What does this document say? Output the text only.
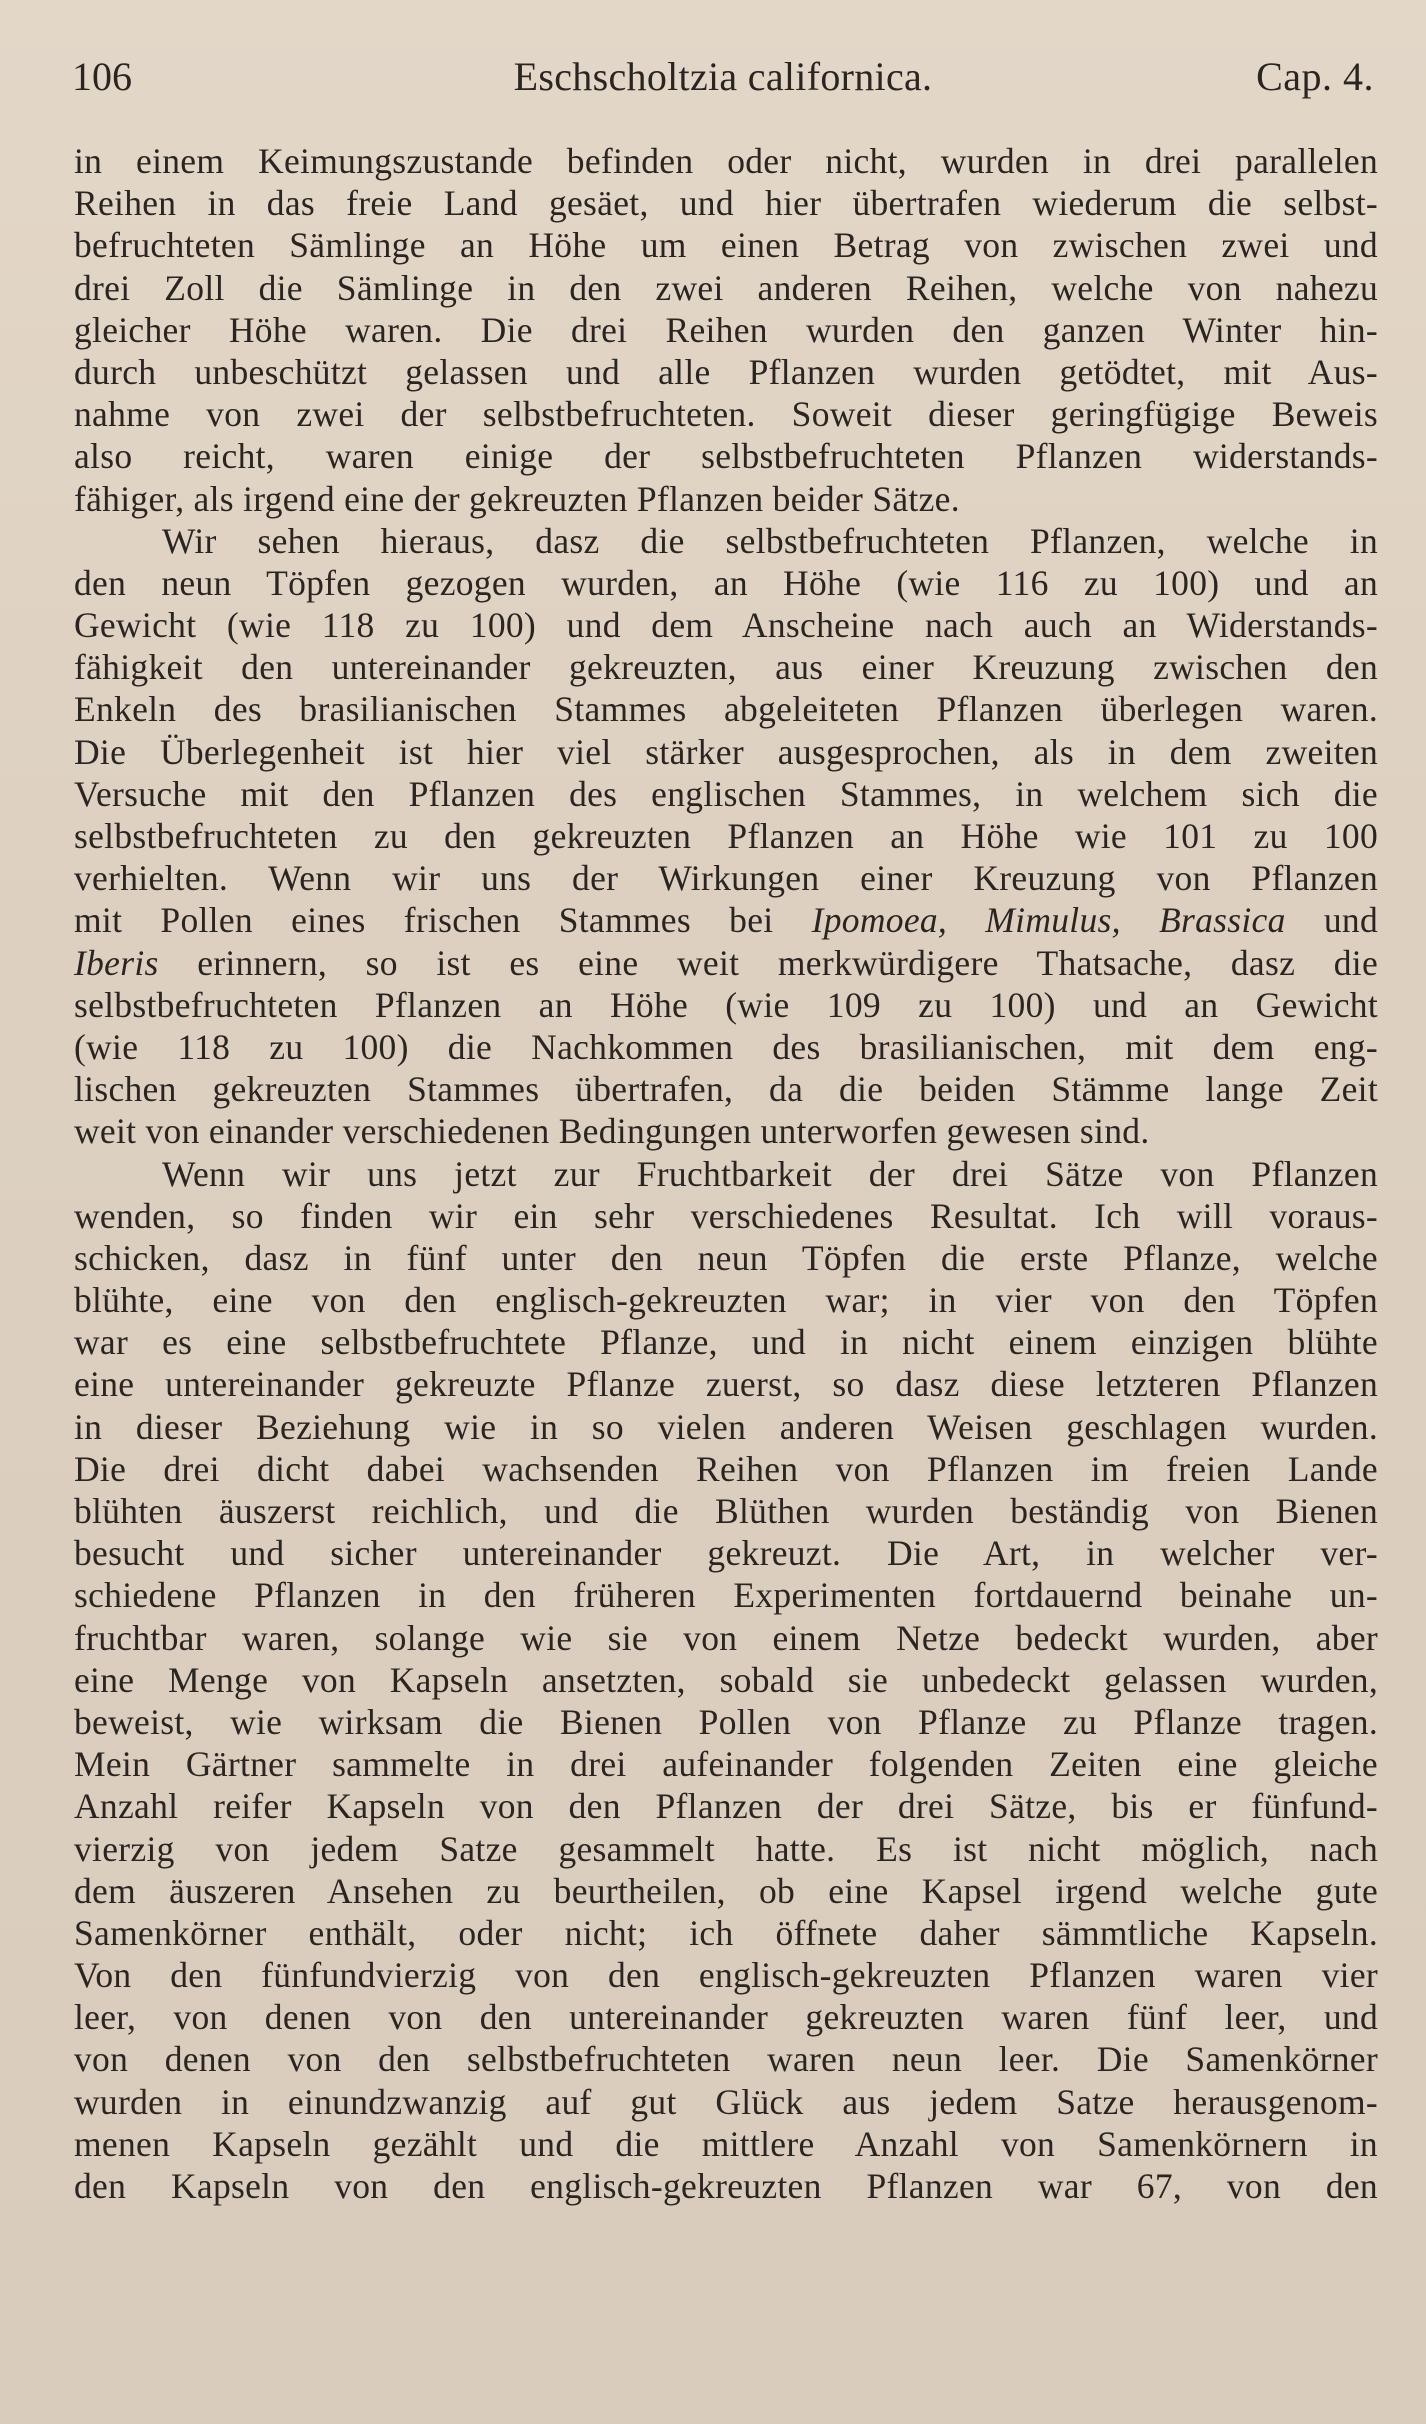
106	Eschscholtzia californica.	Cap. 4.
in einem Keimungszustande befinden oder nicht, wurden in drei parallelen
Reihen in das freie Land gesäet, und hier übertrafen wiederum die selbst-
befruchteten Sämlinge an Höhe um einen Betrag von zwischen zwei und
drei Zoll die Sämlinge in den zwei anderen Reihen, welche von nahezu
gleicher Höhe waren. Die drei Reihen wurden den ganzen Winter hin-
durch unbeschützt gelassen und alle Pflanzen wurden getödtet, mit Aus-
nahme von zwei der selbstbefruchteten. Soweit dieser geringfügige Beweis
also reicht, waren einige der selbstbefruchteten Pflanzen widerstands-
fähiger, als irgend eine der gekreuzten Pflanzen beider Sätze.
Wir sehen hieraus, dasz die selbstbefruchteten Pflanzen, welche in
den neun Töpfen gezogen wurden, an Höhe (wie 116 zu 100) und an
Gewicht (wie 118 zu 100) und dem Anscheine nach auch an Widerstands-
fähigkeit den untereinander gekreuzten, aus einer Kreuzung zwischen den
Enkeln des brasilianischen Stammes abgeleiteten Pflanzen überlegen waren.
Die Überlegenheit ist hier viel stärker ausgesprochen, als in dem zweiten
Versuche mit den Pflanzen des englischen Stammes, in welchem sich die
selbstbefruchteten zu den gekreuzten Pflanzen an Höhe wie 101 zu 100
verhielten. Wenn wir uns der Wirkungen einer Kreuzung von Pflanzen
mit Pollen eines frischen Stammes bei Ipomoea, Mimulus, Brassica und
Iberis erinnern, so ist es eine weit merkwürdigere Thatsache, dasz die
selbstbefruchteten Pflanzen an Höhe (wie 109 zu 100) und an Gewicht
(wie 118 zu 100) die Nachkommen des brasilianischen, mit dem eng-
lischen gekreuzten Stammes übertrafen, da die beiden Stämme lange Zeit
weit von einander verschiedenen Bedingungen unterworfen gewesen sind.
Wenn wir uns jetzt zur Fruchtbarkeit der drei Sätze von Pflanzen
wenden, so finden wir ein sehr verschiedenes Resultat. Ich will voraus-
schicken, dasz in fünf unter den neun Töpfen die erste Pflanze, welche
blühte, eine von den englisch-gekreuzten war; in vier von den Töpfen
war es eine selbstbefruchtete Pflanze, und in nicht einem einzigen blühte
eine untereinander gekreuzte Pflanze zuerst, so dasz diese letzteren Pflanzen
in dieser Beziehung wie in so vielen anderen Weisen geschlagen wurden.
Die drei dicht dabei wachsenden Reihen von Pflanzen im freien Lande
blühten äuszerst reichlich, und die Blüthen wurden beständig von Bienen
besucht und sicher untereinander gekreuzt. Die Art, in welcher ver-
schiedene Pflanzen in den früheren Experimenten fortdauernd beinahe un-
fruchtbar waren, solange wie sie von einem Netze bedeckt wurden, aber
eine Menge von Kapseln ansetzten, sobald sie unbedeckt gelassen wurden,
beweist, wie wirksam die Bienen Pollen von Pflanze zu Pflanze tragen.
Mein Gärtner sammelte in drei aufeinander folgenden Zeiten eine gleiche
Anzahl reifer Kapseln von den Pflanzen der drei Sätze, bis er fünfund-
vierzig von jedem Satze gesammelt hatte. Es ist nicht möglich, nach
dem äuszeren Ansehen zu beurtheilen, ob eine Kapsel irgend welche gute
Samenkörner enthält, oder nicht; ich öffnete daher sämmtliche Kapseln.
Von den fünfundvierzig von den englisch-gekreuzten Pflanzen waren vier
leer, von denen von den untereinander gekreuzten waren fünf leer, und
von denen von den selbstbefruchteten waren neun leer. Die Samenkörner
wurden in einundzwanzig auf gut Glück aus jedem Satze herausgenom-
menen Kapseln gezählt und die mittlere Anzahl von Samenkörnern in
den Kapseln von den englisch-gekreuzten Pflanzen war 67, von den
